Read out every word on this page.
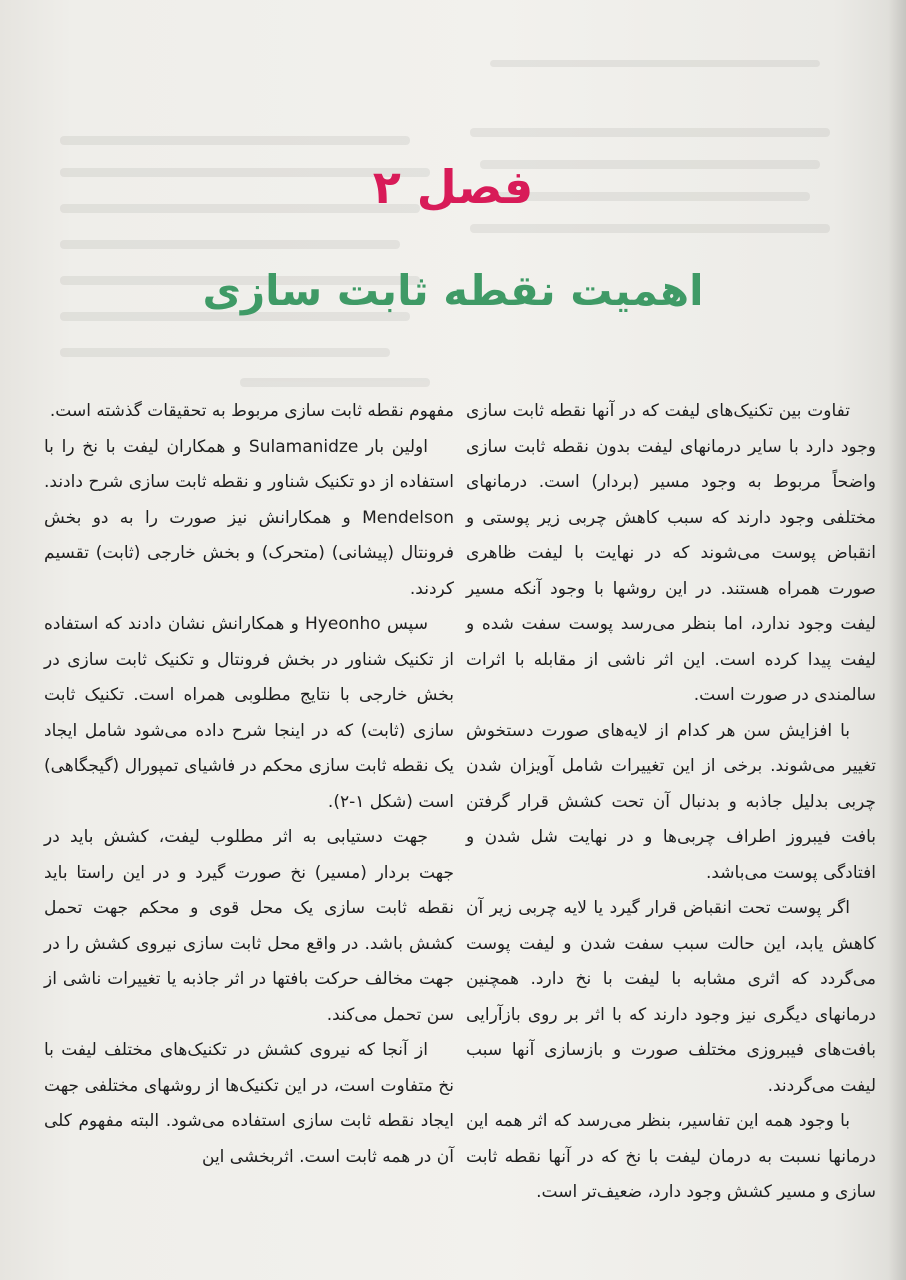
فصل ۲
اهمیت نقطه ثابت سازی

تفاوت بین تکنیک‌های لیفت که در آنها نقطه ثابت سازی وجود دارد با سایر درمانهای لیفت بدون نقطه ثابت سازی واضحاً مربوط به وجود مسیر (بردار) است. درمانهای مختلفی وجود دارند که سبب کاهش چربی زیر پوستی و انقباض پوست می‌شوند که در نهایت با لیفت ظاهری صورت همراه هستند. در این روشها با وجود آنکه مسیر لیفت وجود ندارد، اما بنظر می‌رسد پوست سفت شده و لیفت پیدا کرده است. این اثر ناشی از مقابله با اثرات سالمندی در صورت است.

با افزایش سن هر کدام از لایه‌های صورت دستخوش تغییر می‌شوند. برخی از این تغییرات شامل آویزان شدن چربی بدلیل جاذبه و بدنبال آن تحت کشش قرار گرفتن بافت فیبروز اطراف چربی‌ها و در نهایت شل شدن و افتادگی پوست می‌باشد.

اگر پوست تحت انقباض قرار گیرد یا لایه چربی زیر آن کاهش یابد، این حالت سبب سفت شدن و لیفت پوست می‌گردد که اثری مشابه با لیفت با نخ دارد. همچنین درمانهای دیگری نیز وجود دارند که با اثر بر روی بازآرایی بافت‌های فیبروزی مختلف صورت و بازسازی آنها سبب لیفت می‌گردند.

با وجود همه این تفاسیر، بنظر می‌رسد که اثر همه این درمانها نسبت به درمان لیفت با نخ که در آنها نقطه ثابت سازی و مسیر کشش وجود دارد، ضعیف‌تر است.

مفهوم نقطه ثابت سازی مربوط به تحقیقات گذشته است.

اولین بار Sulamanidze و همکاران لیفت با نخ را با استفاده از دو تکنیک شناور و نقطه ثابت سازی شرح دادند. Mendelson و همکارانش نیز صورت را به دو بخش فرونتال (پیشانی) (متحرک) و بخش خارجی (ثابت) تقسیم کردند.

سپس Hyeonho و همکارانش نشان دادند که استفاده از تکنیک شناور در بخش فرونتال و تکنیک ثابت سازی در بخش خارجی با نتایج مطلوبی همراه است. تکنیک ثابت سازی (ثابت) که در اینجا شرح داده می‌شود شامل ایجاد یک نقطه ثابت سازی محکم در فاشیای تمپورال (گیجگاهی) است (شکل ۱-۲).

جهت دستیابی به اثر مطلوب لیفت، کشش باید در جهت بردار (مسیر) نخ صورت گیرد و در این راستا باید نقطه ثابت سازی یک محل قوی و محکم جهت تحمل کشش باشد. در واقع محل ثابت سازی نیروی کشش را در جهت مخالف حرکت بافتها در اثر جاذبه یا تغییرات ناشی از سن تحمل می‌کند.

از آنجا که نیروی کشش در تکنیک‌های مختلف لیفت با نخ متفاوت است، در این تکنیک‌ها از روشهای مختلفی جهت ایجاد نقطه ثابت سازی استفاده می‌شود. البته مفهوم کلی آن در همه ثابت است. اثربخشی این
